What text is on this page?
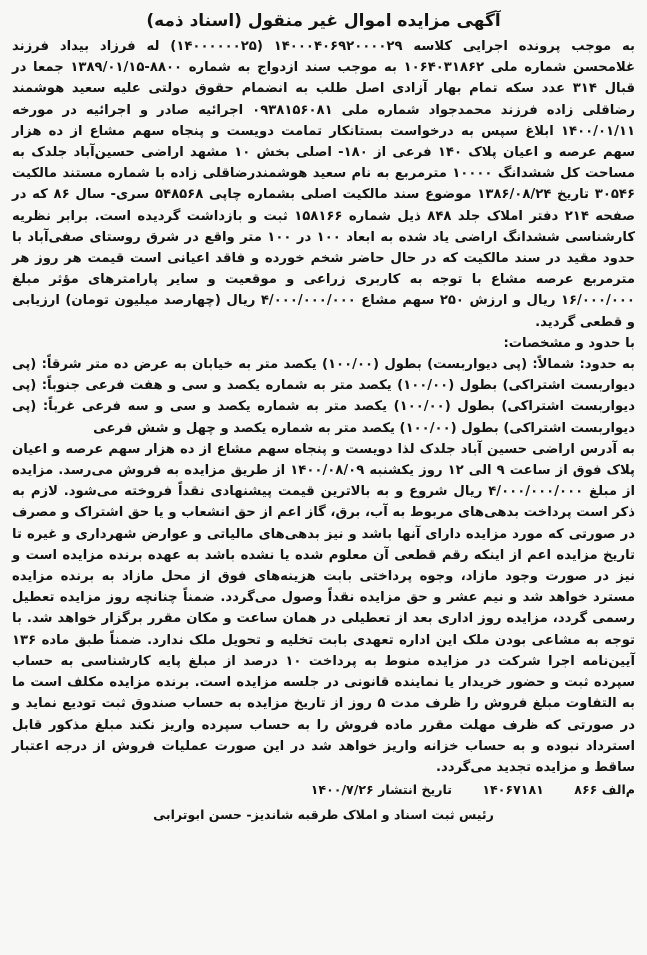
آگهی مزایده اموال غیر منقول (اسناد ذمه)

به موجب پرونده اجرایی کلاسه ۱۴۰۰۰۴۰۶۹۲۰۰۰۰۲۹ (۱۴۰۰۰۰۰۰۲۵) له فرزاد بیداد فرزند غلامحسن شماره ملی ۱۰۶۴۰۳۱۸۶۲ به موجب سند ازدواج به شماره ۸۸۰۰-۱۳۸۹/۰۱/۱۵ جمعا در قبال ۳۱۴ عدد سکه تمام بهار آزادی اصل طلب به انضمام حقوق دولتی علیه سعید هوشمند رضاقلی زاده فرزند محمدجواد شماره ملی ۰۹۳۸۱۵۶۰۸۱ اجرائیه صادر و اجرائیه در مورخه ۱۴۰۰/۰۱/۱۱ ابلاغ سپس به درخواست بستانکار تمامت دویست و پنجاه سهم مشاع از ده هزار سهم عرصه و اعیان پلاک ۱۴۰ فرعی از ۱۸۰- اصلی بخش ۱۰ مشهد اراضی حسین‌آباد جلدک به مساحت کل ششدانگ ۱۰۰۰۰ مترمربع به نام سعید هوشمندرضاقلی زاده با شماره مستند مالکیت ۳۰۵۴۶ تاریخ ۱۳۸۶/۰۸/۲۴ موضوع سند مالکیت اصلی بشماره چاپی ۵۴۸۵۶۸ سری- سال ۸۶ که در صفحه ۲۱۴ دفتر املاک جلد ۸۴۸ ذیل شماره ۱۵۸۱۶۶ ثبت و بازداشت گردیده است. برابر نظریه کارشناسی ششدانگ اراضی یاد شده به ابعاد ۱۰۰ در ۱۰۰ متر واقع در شرق روستای صفی‌آباد با حدود مقید در سند مالکیت که در حال حاضر شخم خورده و فاقد اعیانی است قیمت هر روز هر مترمربع عرصه مشاع با توجه به کاربری زراعی و موقعیت و سایر پارامترهای مؤثر مبلغ ۱۶/۰۰۰/۰۰۰ ریال و ارزش ۲۵۰ سهم مشاع ۴/۰۰۰/۰۰۰/۰۰۰ ریال (چهارصد میلیون تومان) ارزیابی و قطعی گردید.

با حدود و مشخصات:

به حدود: شمالاً: (پی دیواربست) بطول (۱۰۰/۰۰) یکصد متر به خیابان به عرض ده متر شرقاً: (پی دیواربست اشتراکی) بطول (۱۰۰/۰۰) یکصد متر به شماره یکصد و سی و هفت فرعی جنوباً: (پی دیواربست اشتراکی) بطول (۱۰۰/۰۰) یکصد متر به شماره یکصد و سی و سه فرعی غرباً: (پی دیواربست اشتراکی) بطول (۱۰۰/۰۰) یکصد متر به شماره یکصد و چهل و شش فرعی

به آدرس اراضی حسین آباد جلدک لذا دویست و پنجاه سهم مشاع از ده هزار سهم عرصه و اعیان پلاک فوق از ساعت ۹ الی ۱۲ روز یکشنبه ۱۴۰۰/۰۸/۰۹ از طریق مزایده به فروش می‌رسد. مزایده از مبلغ ۴/۰۰۰/۰۰۰/۰۰۰ ریال شروع و به بالاترین قیمت پیشنهادی نقداً فروخته می‌شود. لازم به ذکر است پرداخت بدهی‌های مربوط به آب، برق، گاز اعم از حق انشعاب و یا حق اشتراک و مصرف در صورتی که مورد مزایده دارای آنها باشد و نیز بدهی‌های مالیاتی و عوارض شهرداری و غیره تا تاریخ مزایده اعم از اینکه رقم قطعی آن معلوم شده یا نشده باشد به عهده برنده مزایده است و نیز در صورت وجود مازاد، وجوه پرداختی بابت هزینه‌های فوق از محل مازاد به برنده مزایده مسترد خواهد شد و نیم عشر و حق مزایده نقداً وصول می‌گردد. ضمناً چنانچه روز مزایده تعطیل رسمی گردد، مزایده روز اداری بعد از تعطیلی در همان ساعت و مکان مقرر برگزار خواهد شد. با توجه به مشاعی بودن ملک این اداره تعهدی بابت تخلیه و تحویل ملک ندارد. ضمناً طبق ماده ۱۳۶ آیین‌نامه اجرا شرکت در مزایده منوط به پرداخت ۱۰ درصد از مبلغ پایه کارشناسی به حساب سپرده ثبت و حضور خریدار یا نماینده قانونی در جلسه مزایده است. برنده مزایده مکلف است ما به التفاوت مبلغ فروش را ظرف مدت ۵ روز از تاریخ مزایده به حساب صندوق ثبت تودیع نماید و در صورتی که ظرف مهلت مقرر ماده فروش را به حساب سپرده واریز نکند مبلغ مذکور قابل استرداد نبوده و به حساب خزانه واریز خواهد شد در این صورت عملیات فروش از درجه اعتبار ساقط و مزایده تجدید می‌گردد.

م‌الف ۸۶۶ ۱۴۰۶۷۱۸۱ تاریخ انتشار ۱۴۰۰/۷/۲۶
رئیس ثبت اسناد و املاک طرقبه شاندیز- حسن ابوترابی
